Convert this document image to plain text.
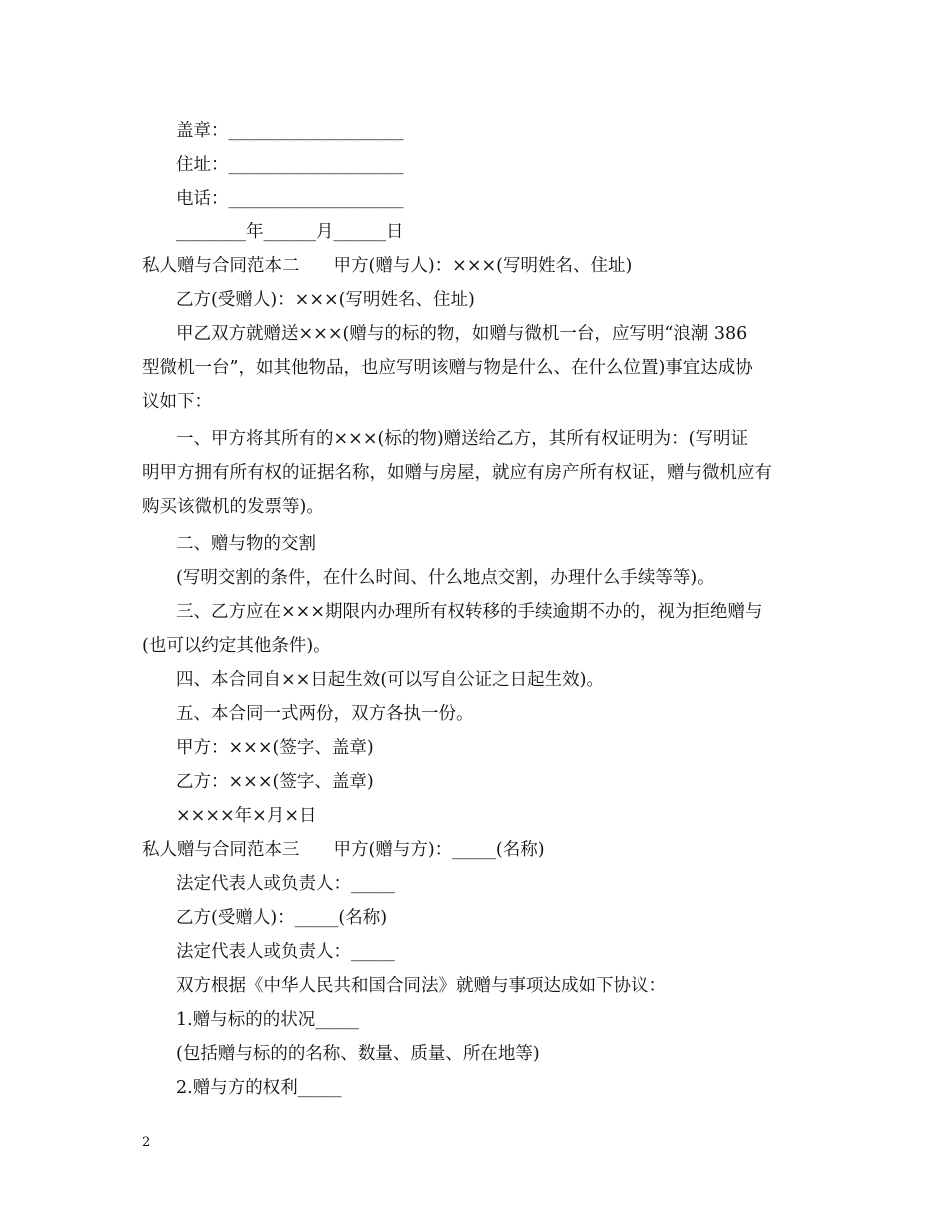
盖章：____________________
住址：____________________
电话：____________________
________年______月______日
私人赠与合同范本二 甲方(赠与人)：×××(写明姓名、住址)
乙方(受赠人)：×××(写明姓名、住址)
甲乙双方就赠送×××(赠与的标的物，如赠与微机一台，应写明“浪潮 386
型微机一台”，如其他物品，也应写明该赠与物是什么、在什么位置)事宜达成协
议如下：
一、甲方将其所有的×××(标的物)赠送给乙方，其所有权证明为：(写明证
明甲方拥有所有权的证据名称，如赠与房屋，就应有房产所有权证，赠与微机应有
购买该微机的发票等)。
二、赠与物的交割
(写明交割的条件，在什么时间、什么地点交割，办理什么手续等等)。
三、乙方应在×××期限内办理所有权转移的手续逾期不办的，视为拒绝赠与
(也可以约定其他条件)。
四、本合同自××日起生效(可以写自公证之日起生效)。
五、本合同一式两份，双方各执一份。
甲方：×××(签字、盖章)
乙方：×××(签字、盖章)
××××年×月×日
私人赠与合同范本三 甲方(赠与方)：_____(名称)
法定代表人或负责人：_____
乙方(受赠人)：_____(名称)
法定代表人或负责人：_____
双方根据《中华人民共和国合同法》就赠与事项达成如下协议：
1.赠与标的的状况_____
(包括赠与标的的名称、数量、质量、所在地等)
2.赠与方的权利_____
2
